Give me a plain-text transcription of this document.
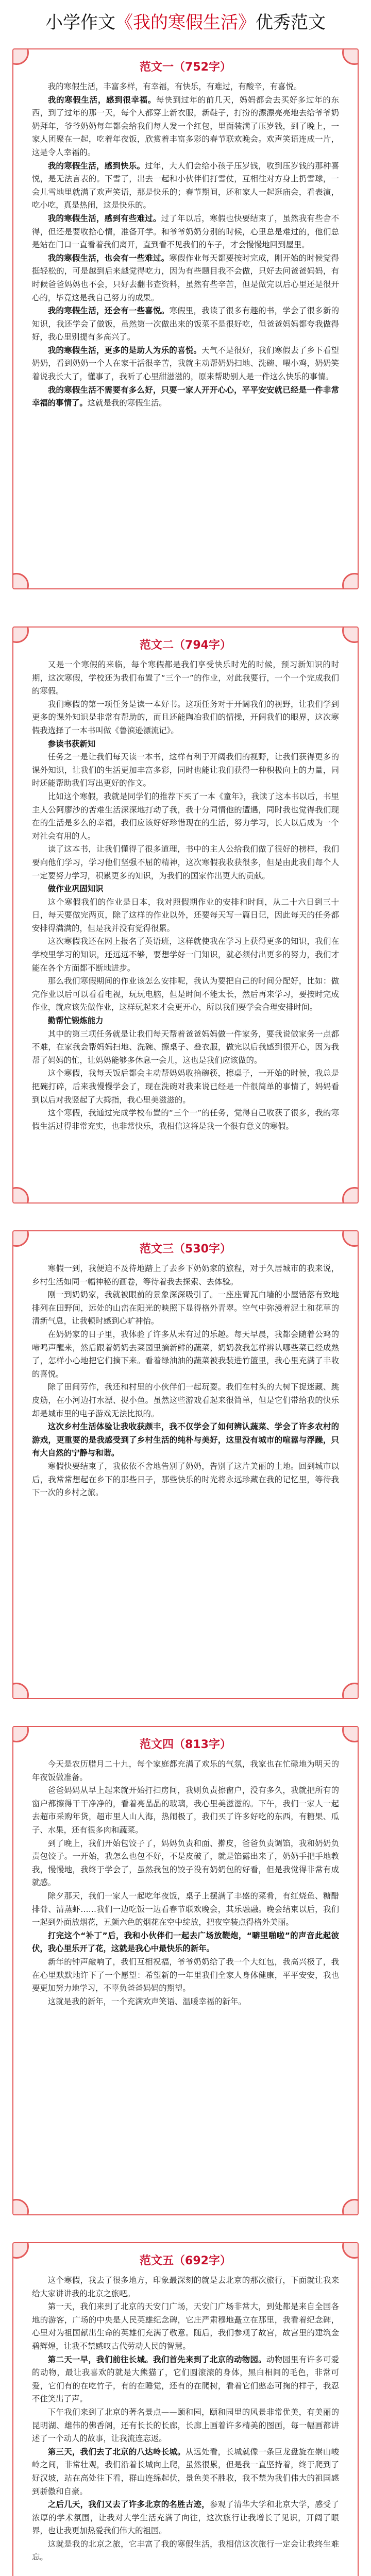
小学作文《我的寒假生活》优秀范文
范文一（752字）

我的寒假生活，丰富多样，有幸福，有快乐，有难过，有酸辛，有喜悦。

我的寒假生活，感到很幸福。每快到过年的前几天，妈妈都会去买好多过年的东西，到了过年的那一天，每个人都穿上新衣服，新鞋子，打扮的漂漂亮亮地去给爷爷奶奶拜年，爷爷奶奶每年都会给我们每人发一个红包，里面装满了压岁钱，到了晚上，一家人团聚在一起，吃着年夜饭，欣赏着丰富多彩的春节联欢晚会。欢声笑语连成一片，这是令人幸福的。

我的寒假生活，感到快乐。过年，大人们会给小孩子压岁钱，收到压岁钱的那种喜悦，是无法言表的。下雪了，出去一起和小伙伴们打雪仗，互相往对方身上扔雪球，一会儿雪地里就满了欢声笑语，那是快乐的；春节期间，还和家人一起逛庙会，看表演，吃小吃，真是热闹，这是快乐的。

我的寒假生活，感到有些难过。过了年以后，寒假也快要结束了，虽然我有些舍不得，但还是要收拾心情，准备开学。和爷爷奶奶分别的时候，心里总是难过的，他们总是站在门口一直看着我们离开，直到看不见我们的车子，才会慢慢地回到屋里。

我的寒假生活，也会有一些难过。寒假作业每天都要按时完成，刚开始的时候觉得挺轻松的，可是越到后来越觉得吃力，因为有些题目我不会做，只好去问爸爸妈妈，有时候爸爸妈妈也不会，只好去翻书查资料，虽然有些辛苦，但是做完以后心里还是很开心的，毕竟这是我自己努力的成果。

我的寒假生活，还会有一些喜悦。寒假里，我读了很多有趣的书，学会了很多新的知识，我还学会了做饭，虽然第一次做出来的饭菜不是很好吃，但爸爸妈妈都夸我做得好，我心里别提有多高兴了。

我的寒假生活，更多的是助人为乐的喜悦。天气不是很好，我们寒假去了乡下看望奶奶，看到奶奶一个人在家干活很辛苦，我就主动帮奶奶扫地、洗碗、喂小鸡，奶奶笑着说我长大了，懂事了，我听了心里甜滋滋的，原来帮助别人是一件这么快乐的事情。

我的寒假生活不需要有多么好，只要一家人开开心心，平平安安就已经是一件非常幸福的事情了。这就是我的寒假生活。

范文二（794字）

又是一个寒假的来临，每个寒假都是我们享受快乐时光的时候，预习新知识的时期，这次寒假，学校还为我们布置了“三个一”的作业，对此我要行，一个一个完成我们的寒假。

我们寒假的第一项任务是读一本好书。这项任务对于开阔我们的视野，让我们学到更多的课外知识是非常有帮助的，而且还能陶冶我们的情操，开阔我们的眼界，这次寒假我选择了一本书叫做《鲁滨逊漂流记》。

参读书获新知

任务之一是让我们每天读一本书，这样有利于开阔我们的视野，让我们获得更多的课外知识，让我们的生活更加丰富多彩，同时也能让我们获得一种积极向上的力量，同时还能帮助我们写出更好的作文。

比如这个寒假，我就是同学们的推荐下买了一本《童年》，我读了这本书以后，书里主人公阿廖沙的苦难生活深深地打动了我，我十分同情他的遭遇，同时我也觉得我们现在的生活是多么的幸福，我们应该好好珍惜现在的生活，努力学习，长大以后成为一个对社会有用的人。

读了这本书，让我们懂得了很多道理，书中的主人公给我们做了很好的榜样，我们要向他们学习，学习他们坚强不屈的精神，这次寒假我收获很多，但是由此我们每个人一定要努力学习，积累更多的知识，为我们的国家作出更大的贡献。

做作业巩固知识

这个寒假我们的作业是日本，我对照假期作业的安排和时间，从二十六日到三十日，每天要做完两页，除了这样的作业以外，还要每天写一篇日记，因此每天的任务都安排得满满的，但是我并没有觉得很累。

这次寒假我还在网上报名了英语班，这样就使我在学习上获得更多的知识，我们在学校里学习的知识，还远远不够，要想学好一门知识，就必须付出更多的努力，我们才能在各个方面都不断地进步。

那么我们寒假期间的作业该怎么安排呢，我认为要把自己的时间分配好，比如：做完作业以后可以看看电视，玩玩电脑，但是时间不能太长，然后再来学习，要按时完成作业，就应该先做作业，这样玩起来才会更开心，所以我们要学会合理安排时间。

勤帮忙锻炼能力

其中的第三项任务就是让我们每天帮着爸爸妈妈做一件家务，要我说做家务一点都不难，在家我会帮妈妈扫地、洗碗、擦桌子、叠衣服，做完以后我感到很开心，因为我帮了妈妈的忙，让妈妈能够多休息一会儿，这也是我们应该做的。

这个寒假，我每天饭后都会主动帮妈妈收拾碗筷，擦桌子，一开始的时候，我总是把碗打碎，后来我慢慢学会了，现在洗碗对我来说已经是一件很简单的事情了，妈妈看到以后对我竖起了大拇指，我心里美滋滋的。

这个寒假，我通过完成学校布置的“三个一”的任务，觉得自己收获了很多，我的寒假生活过得非常充实，也非常快乐，我相信这将是我一个很有意义的寒假。

范文三（530字）

寒假一到，我便迫不及待地踏上了去乡下奶奶家的旅程，对于久居城市的我来说，乡村生活如同一幅神秘的画卷，等待着我去探索、去体验。

刚一到奶奶家，我就被眼前的景象深深吸引了。一座座青瓦白墙的小屋错落有致地排列在田野间，远处的山峦在阳光的映照下显得格外青翠。空气中弥漫着泥土和花草的清新气息，让我顿时感到心旷神怡。

在奶奶家的日子里，我体验了许多从未有过的乐趣。每天早晨，我都会随着公鸡的啼鸣声醒来，然后跟着奶奶去菜园里摘新鲜的蔬菜，奶奶教我怎样辨认哪些菜已经成熟了，怎样小心地把它们摘下来。看着绿油油的蔬菜被我装进竹篮里，我心里充满了丰收的喜悦。

除了田间劳作，我还和村里的小伙伴们一起玩耍。我们在村头的大树下捉迷藏、跳皮筋，在小河边打水漂、捉小鱼。虽然这些游戏看起来很简单，但是它们带给我的快乐却是城市里的电子游戏无法比拟的。

这次乡村生活体验让我收获颇丰，我不仅学会了如何辨认蔬菜、学会了许多农村的游戏，更重要的是我感受到了乡村生活的纯朴与美好，这里没有城市的喧嚣与浮躁，只有大自然的宁静与和谐。

寒假快要结束了，我依依不舍地告别了奶奶，告别了这片美丽的土地。回到城市以后，我常常想起在乡下的那些日子，那些快乐的时光将永远珍藏在我的记忆里，等待我下一次的乡村之旅。

范文四（813字）

今天是农历腊月二十九，每个家庭都充满了欢乐的气氛，我家也在忙碌地为明天的年夜饭做准备。

爸爸妈妈从早上起来就开始打扫房间，我则负责擦窗户，没有多久，我就把所有的窗户都擦得干干净净的，看着亮晶晶的玻璃，我心里美滋滋的。下午，我们一家人一起去超市采购年货，超市里人山人海，热闹极了，我们买了许多好吃的东西，有糖果、瓜子、水果，还有很多肉和蔬菜。

到了晚上，我们开始包饺子了，妈妈负责和面、擀皮，爸爸负责调馅，我和奶奶负责包饺子。一开始，我怎么也包不好，不是皮破了，就是馅露出来了，奶奶手把手地教我，慢慢地，我终于学会了，虽然我包的饺子没有奶奶包的好看，但是我觉得非常有成就感。

除夕那天，我们一家人一起吃年夜饭，桌子上摆满了丰盛的菜肴，有红烧鱼、糖醋排骨、清蒸虾……我们一边吃饭一边看春节联欢晚会，其乐融融。晚会结束以后，我们一起到外面放烟花，五颜六色的烟花在空中绽放，把夜空装点得格外美丽。

打完这个“补丁”后，我和小伙伴们一起去广场放鞭炮，“噼里啪啦”的声音此起彼伏，我心里乐开了花，这就是我心中最快乐的新年。

新年的钟声敲响了，我们互相祝福，爷爷奶奶给了我一个大红包，我高兴极了，我在心里默默地许下了一个愿望：希望新的一年里我们全家人身体健康，平平安安，我也要更加努力地学习，不辜负爸爸妈妈的期望。

这就是我的新年，一个充满欢声笑语、温暖幸福的新年。

范文五（692字）

这个寒假，我去了很多地方，印象最深刻的就是去北京的那次旅行，下面就让我来给大家讲讲我的北京之旅吧。

第一天，我们来到了北京的天安门广场，天安门广场非常大，到处都是来自全国各地的游客，广场的中央是人民英雄纪念碑，它庄严肃穆地矗立在那里，我看着纪念碑，心里对为祖国献出生命的英雄们充满了敬意。随后，我们参观了故宫，故宫里的建筑金碧辉煌，让我不禁感叹古代劳动人民的智慧。

第二天一早，我们前往长城。我们首先来到了北京的动物园。动物园里有许多可爱的动物，最让我喜欢的就是大熊猫了，它们圆滚滚的身体，黑白相间的毛色，非常可爱，它们有的在吃竹子，有的在睡觉，还有的在爬树，看着它们憨态可掬的样子，我忍不住笑出了声。

下午我们来到了北京的著名景点——颐和园，颐和园里的风景非常优美，有美丽的昆明湖、雄伟的佛香阁，还有长长的长廊，长廊上画着许多精美的图画，每一幅画都讲述了一个动人的故事，让我流连忘返。

第三天，我们去了北京的八达岭长城。从远处看，长城就像一条巨龙盘旋在崇山峻岭之间，非常壮观，我们沿着长城向上爬，虽然很累，但是我一直坚持着，终于爬到了好汉坡，站在高处往下看，群山连绵起伏，景色美不胜收，我不禁为我们伟大的祖国感到骄傲和自豪。

之后几天，我们又去了许多北京的名胜古迹，参观了清华大学和北京大学，感受了浓厚的学术氛围，让我对大学生活充满了向往，这次旅行让我增长了见识，开阔了眼界，也让我更加热爱我们伟大的祖国。

这就是我的北京之旅，它丰富了我的寒假生活，我相信这次旅行一定会让我终生难忘。
